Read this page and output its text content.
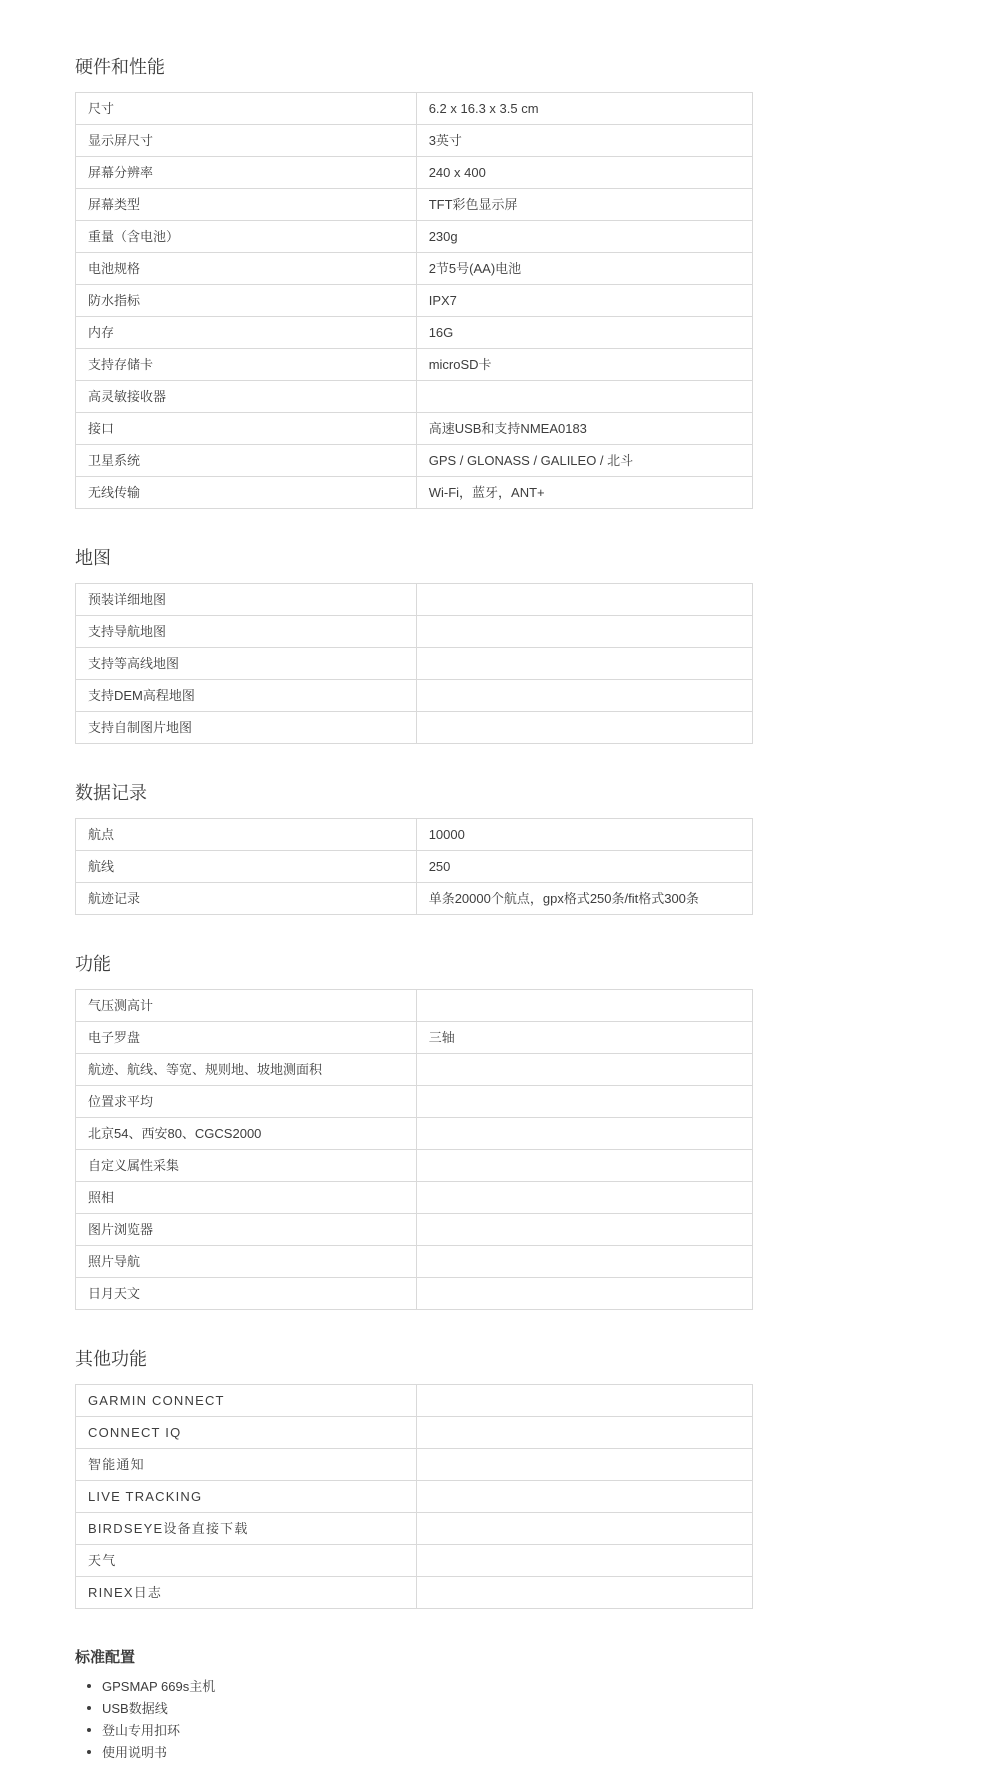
硬件和性能
尺寸	6.2 x 16.3 x 3.5 cm
显示屏尺寸	3英寸
屏幕分辨率	240 x 400
屏幕类型	TFT彩色显示屏
重量（含电池）	230g
电池规格	2节5号(AA)电池
防水指标	IPX7
内存	16G
支持存储卡	microSD卡
高灵敏接收器
接口	高速USB和支持NMEA0183
卫星系统	GPS / GLONASS / GALILEO / 北斗
无线传输	Wi-Fi，蓝牙，ANT+
地图
预装详细地图
支持导航地图
支持等高线地图
支持DEM高程地图
支持自制图片地图
数据记录
航点	10000
航线	250
航迹记录	单条20000个航点，gpx格式250条/fit格式300条
功能
气压测高计
电子罗盘	三轴
航迹、航线、等宽、规则地、坡地测面积
位置求平均
北京54、西安80、CGCS2000
自定义属性采集
照相
图片浏览器
照片导航
日月天文
其他功能
GARMIN CONNECT
CONNECT IQ
智能通知
LIVE TRACKING
BIRDSEYE设备直接下载
天气
RINEX日志
标准配置
GPSMAP 669s主机
USB数据线
登山专用扣环
使用说明书
